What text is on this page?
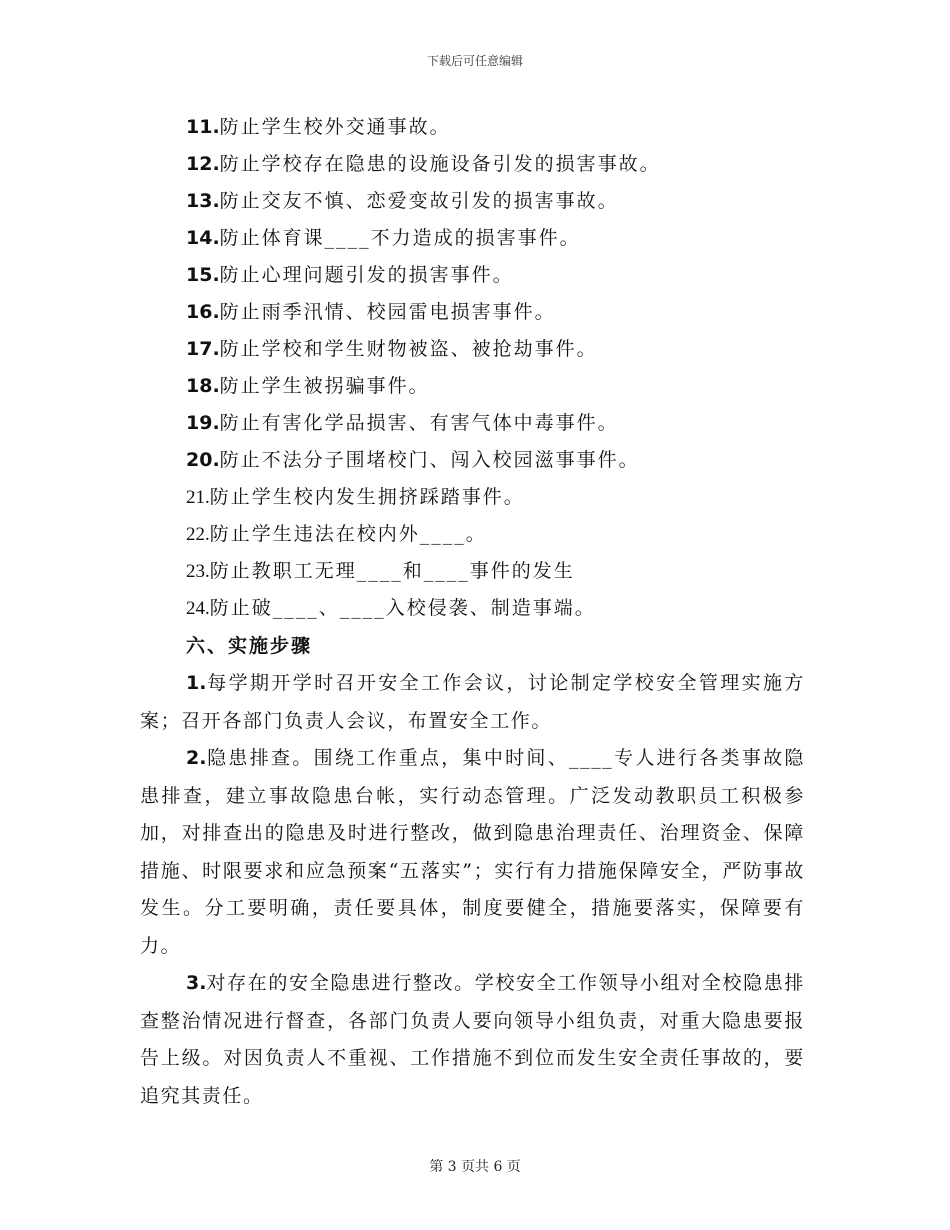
下载后可任意编辑
11.防止学生校外交通事故。
12.防止学校存在隐患的设施设备引发的损害事故。
13.防止交友不慎、恋爱变故引发的损害事故。
14.防止体育课____不力造成的损害事件。
15.防止心理问题引发的损害事件。
16.防止雨季汛情、校园雷电损害事件。
17.防止学校和学生财物被盗、被抢劫事件。
18.防止学生被拐骗事件。
19.防止有害化学品损害、有害气体中毒事件。
20.防止不法分子围堵校门、闯入校园滋事事件。
21.防止学生校内发生拥挤踩踏事件。
22.防止学生违法在校内外____。
23.防止教职工无理____和____事件的发生
24.防止破____、____入校侵袭、制造事端。
六、实施步骤

1.每学期开学时召开安全工作会议，讨论制定学校安全管理实施方案；召开各部门负责人会议，布置安全工作。

2.隐患排查。围绕工作重点，集中时间、____专人进行各类事故隐患排查，建立事故隐患台帐，实行动态管理。广泛发动教职员工积极参加，对排查出的隐患及时进行整改，做到隐患治理责任、治理资金、保障措施、时限要求和应急预案“五落实”；实行有力措施保障安全，严防事故发生。分工要明确，责任要具体，制度要健全，措施要落实，保障要有力。

3.对存在的安全隐患进行整改。学校安全工作领导小组对全校隐患排查整治情况进行督查，各部门负责人要向领导小组负责，对重大隐患要报告上级。对因负责人不重视、工作措施不到位而发生安全责任事故的，要追究其责任。

第 3 页共 6 页
